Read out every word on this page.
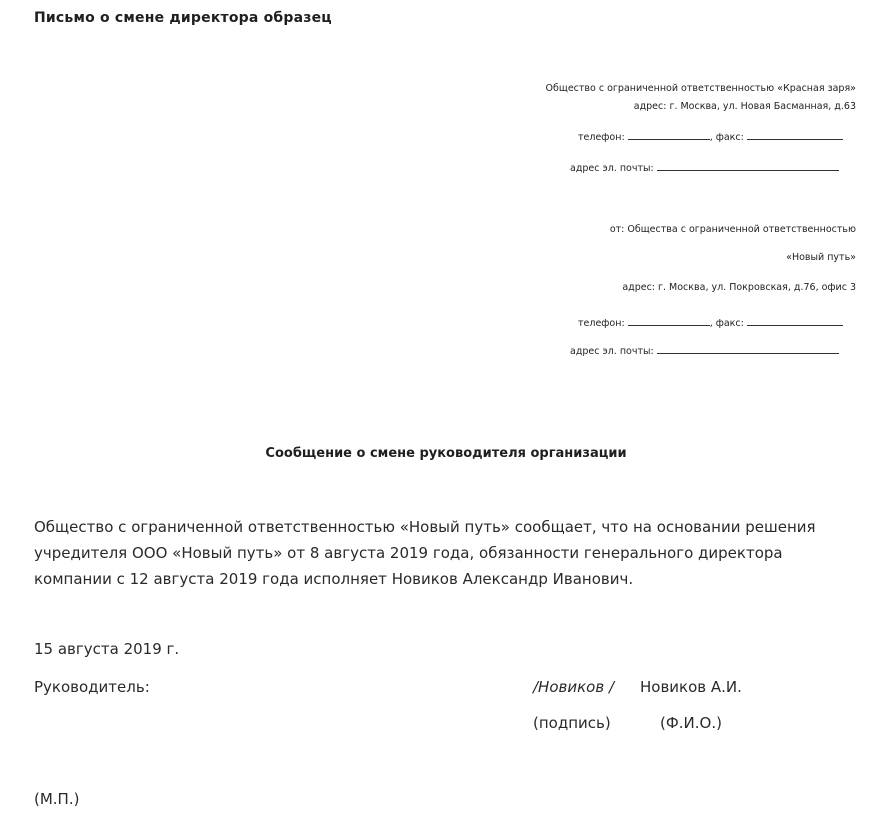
Письмо о смене директора образец
Общество с ограниченной ответственностью «Красная заря»
адрес: г. Москва, ул. Новая Басманная, д.63
телефон:	, факс:
адрес эл. почты:
от: Общества с ограниченной ответственностью
«Новый путь»
адрес: г. Москва, ул. Покровская, д.76, офис 3
телефон:	, факс:
адрес эл. почты:
Сообщение о смене руководителя организации
Общество с ограниченной ответственностью «Новый путь» сообщает, что на основании решения учредителя ООО «Новый путь» от 8 августа 2019 года, обязанности генерального директора компании с 12 августа 2019 года исполняет Новиков Александр Иванович.
15 августа 2019 г.
Руководитель:	/Новиков / Новиков А.И.
(подпись)	(Ф.И.О.)
(М.П.)
